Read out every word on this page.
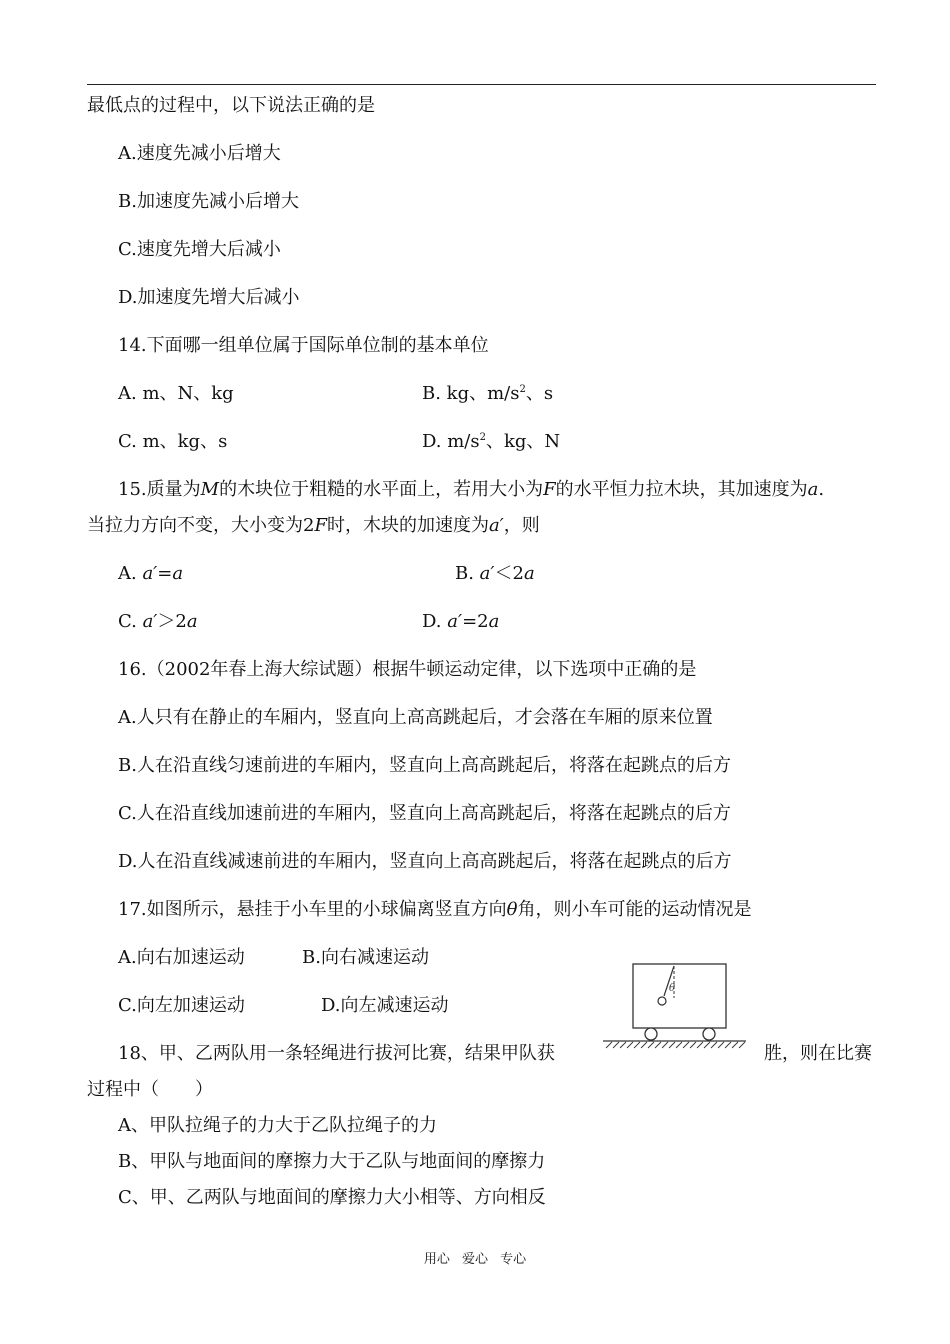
最低点的过程中，以下说法正确的是
A.速度先减小后增大
B.加速度先减小后增大
C.速度先增大后减小
D.加速度先增大后减小
14.下面哪一组单位属于国际单位制的基本单位
A. m、N、kg	B. kg、$m/s^2$、s
C. m、kg、s	D. $m/s^2$、kg、N
15.质量为M的木块位于粗糙的水平面上，若用大小为F的水平恒力拉木块，其加速度为a.
当拉力方向不变，大小变为2F时，木块的加速度为a′，则
A. a′=a	B. a′＜2a
C. a′＞2a	D. a′=2a
16.（2002年春上海大综试题）根据牛顿运动定律，以下选项中正确的是
A.人只有在静止的车厢内，竖直向上高高跳起后，才会落在车厢的原来位置
B.人在沿直线匀速前进的车厢内，竖直向上高高跳起后，将落在起跳点的后方
C.人在沿直线加速前进的车厢内，竖直向上高高跳起后，将落在起跳点的后方
D.人在沿直线减速前进的车厢内，竖直向上高高跳起后，将落在起跳点的后方
17.如图所示，悬挂于小车里的小球偏离竖直方向θ角，则小车可能的运动情况是
A.向右加速运动	B.向右减速运动
C.向左加速运动	D.向左减速运动
θ
18、甲、乙两队用一条轻绳进行拔河比赛，结果甲队获	胜，则在比赛
过程中（　　）
A、甲队拉绳子的力大于乙队拉绳子的力
B、甲队与地面间的摩擦力大于乙队与地面间的摩擦力
C、甲、乙两队与地面间的摩擦力大小相等、方向相反
用心 爱心 专心
